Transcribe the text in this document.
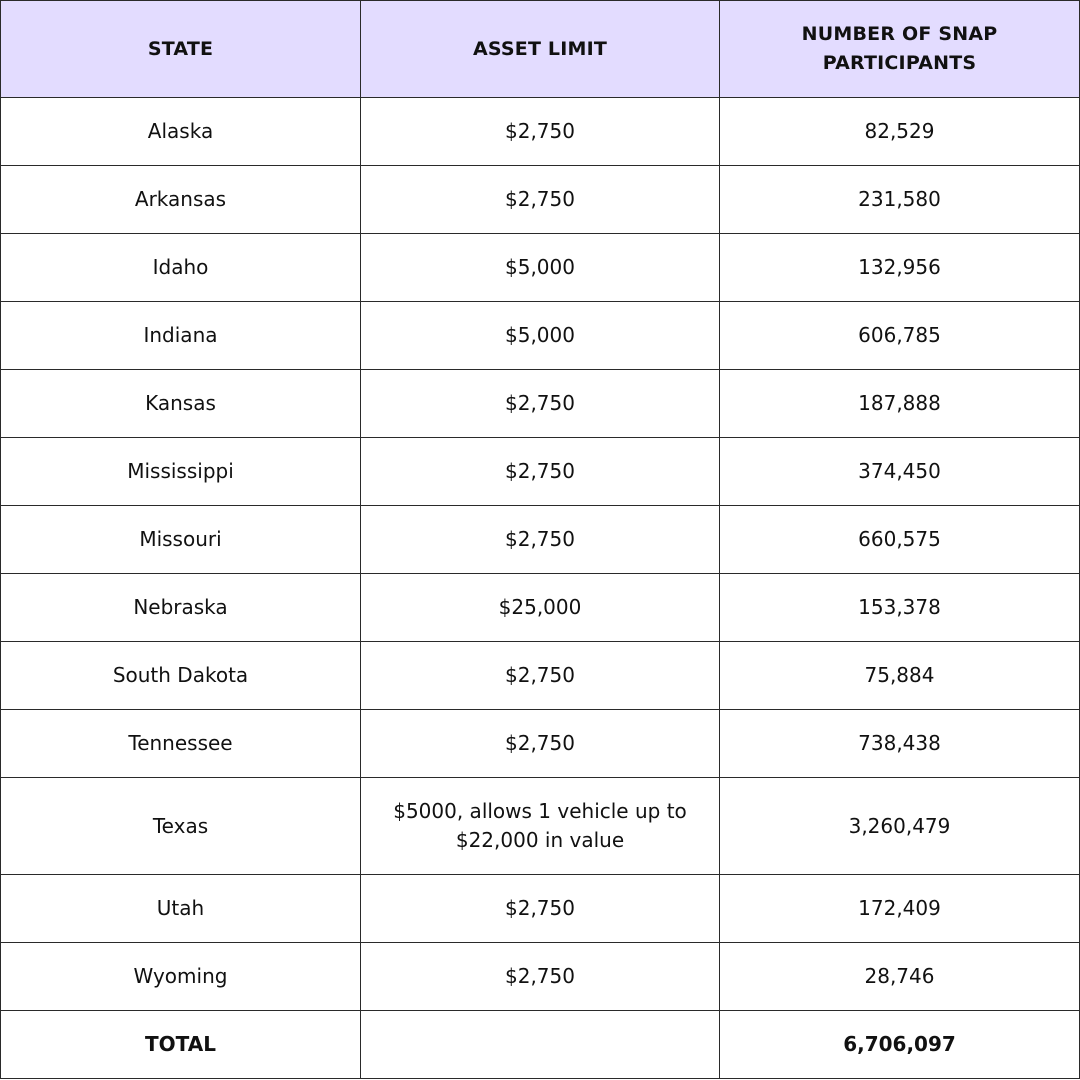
STATE	ASSET LIMIT	NUMBER OF SNAP PARTICIPANTS
Alaska	$2,750	82,529
Arkansas	$2,750	231,580
Idaho	$5,000	132,956
Indiana	$5,000	606,785
Kansas	$2,750	187,888
Mississippi	$2,750	374,450
Missouri	$2,750	660,575
Nebraska	$25,000	153,378
South Dakota	$2,750	75,884
Tennessee	$2,750	738,438
Texas	$5000, allows 1 vehicle up to $22,000 in value	3,260,479
Utah	$2,750	172,409
Wyoming	$2,750	28,746
TOTAL		6,706,097
